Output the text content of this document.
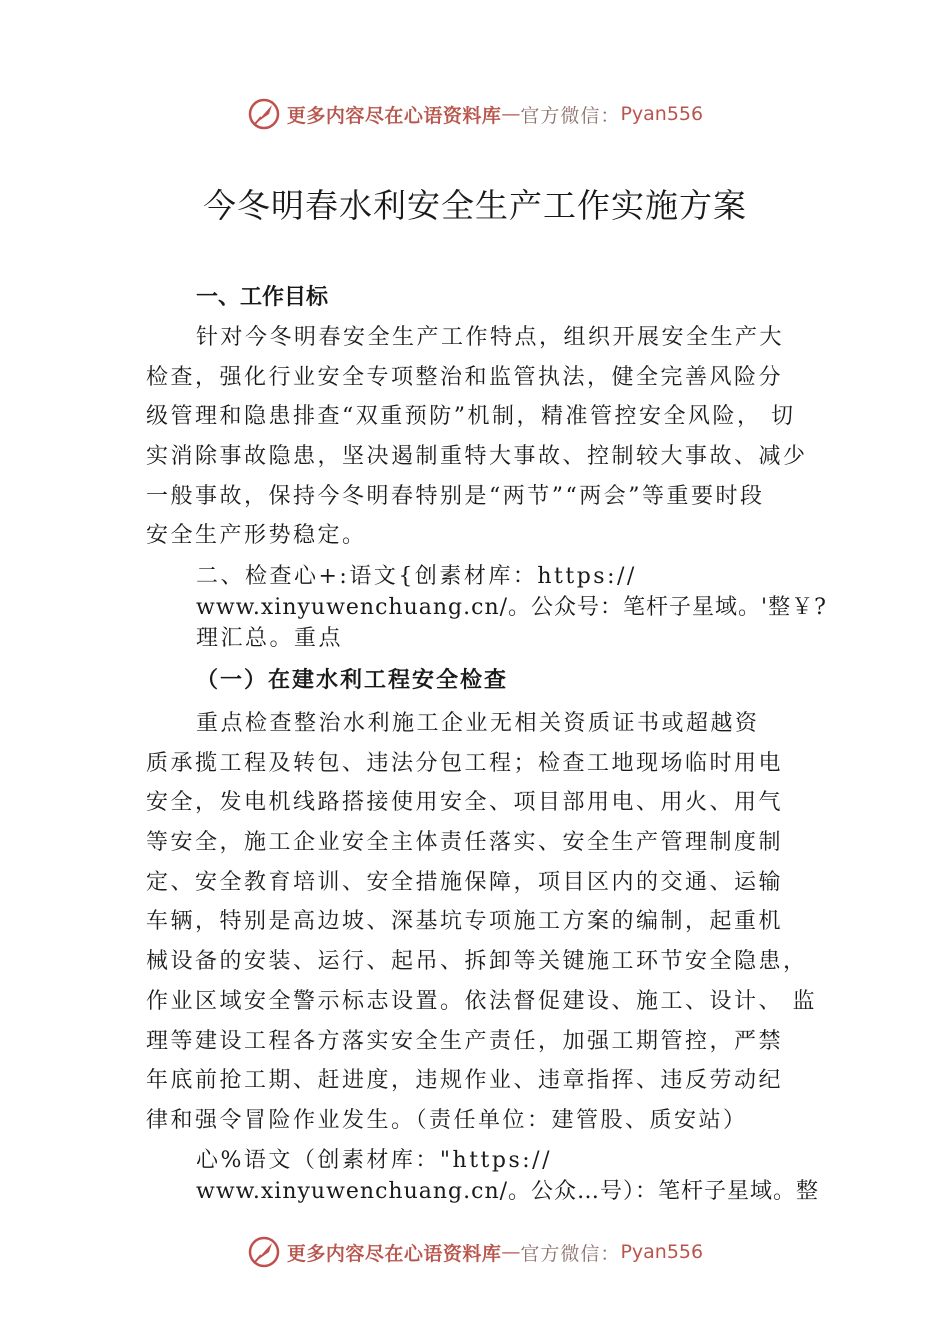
更多内容尽在心语资料库 — 官方微信： Pyan556
今冬明春水利安全生产工作实施方案
一、工作目标
针对今冬明春安全生产工作特点，组织开展安全生产大
检查，强化行业安全专项整治和监管执法，健全完善风险分
级管理和隐患排查“双重预防”机制，精准管控安全风险， 切
实消除事故隐患，坚决遏制重特大事故、控制较大事故、减少
一般事故，保持今冬明春特别是“两节”“两会”等重要时段
安全生产形势稳定。
二、检查心+:语文{创素材库：https://
www.xinyuwenchuang.cn/。公众号：笔杆子星域。'整￥?
理汇总。重点
（一）在建水利工程安全检查
重点检查整治水利施工企业无相关资质证书或超越资
质承揽工程及转包、违法分包工程；检查工地现场临时用电
安全，发电机线路搭接使用安全、项目部用电、用火、用气
等安全，施工企业安全主体责任落实、安全生产管理制度制
定、安全教育培训、安全措施保障，项目区内的交通、运输
车辆，特别是高边坡、深基坑专项施工方案的编制，起重机
械设备的安装、运行、起吊、拆卸等关键施工环节安全隐患，
作业区域安全警示标志设置。依法督促建设、施工、设计、 监
理等建设工程各方落实安全生产责任，加强工期管控，严禁
年底前抢工期、赶进度，违规作业、违章指挥、违反劳动纪
律和强令冒险作业发生。（责任单位：建管股、质安站）
心%语文（创素材库："https://
www.xinyuwenchuang.cn/。公众…号）：笔杆子星域。整
更多内容尽在心语资料库 — 官方微信： Pyan556
